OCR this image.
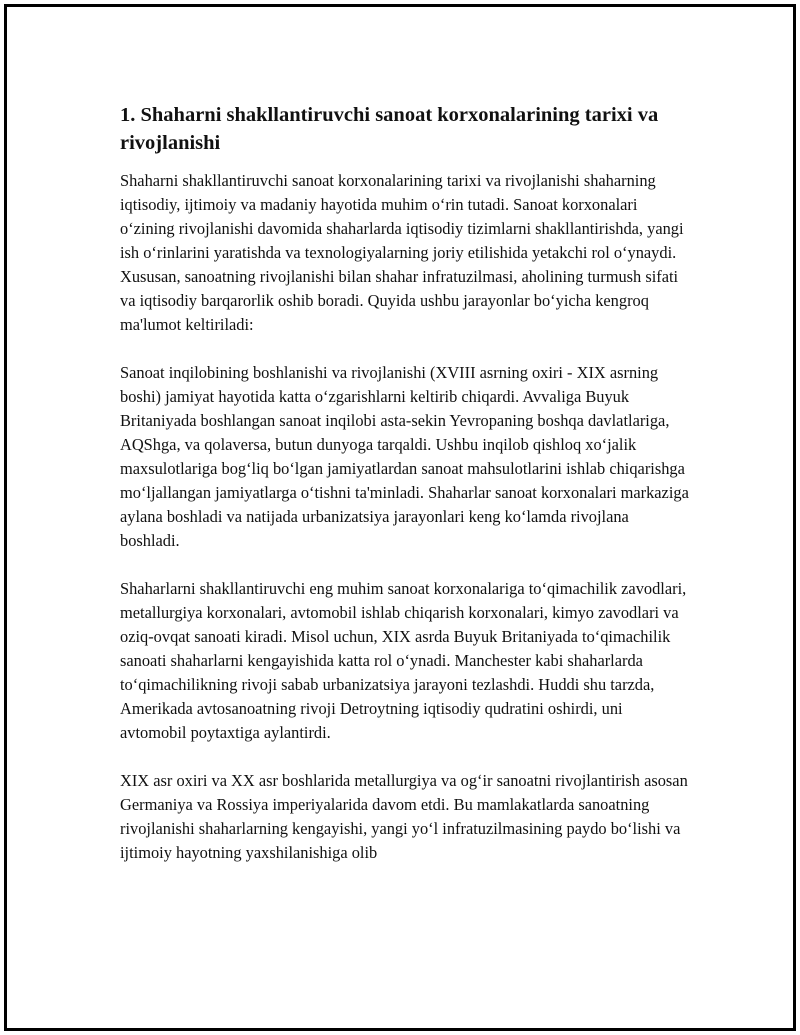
1. Shaharni shakllantiruvchi sanoat korxonalarining tarixi va rivojlanishi

Shaharni shakllantiruvchi sanoat korxonalarining tarixi va rivojlanishi shaharning iqtisodiy, ijtimoiy va madaniy hayotida muhim o‘rin tutadi. Sanoat korxonalari o‘zining rivojlanishi davomida shaharlarda iqtisodiy tizimlarni shakllantirishda, yangi ish o‘rinlarini yaratishda va texnologiyalarning joriy etilishida yetakchi rol o‘ynaydi. Xususan, sanoatning rivojlanishi bilan shahar infratuzilmasi, aholining turmush sifati va iqtisodiy barqarorlik oshib boradi. Quyida ushbu jarayonlar bo‘yicha kengroq ma'lumot keltiriladi:

Sanoat inqilobining boshlanishi va rivojlanishi (XVIII asrning oxiri - XIX asrning boshi) jamiyat hayotida katta o‘zgarishlarni keltirib chiqardi. Avvaliga Buyuk Britaniyada boshlangan sanoat inqilobi asta-sekin Yevropaning boshqa davlatlariga, AQShga, va qolaversa, butun dunyoga tarqaldi. Ushbu inqilob qishloq xo‘jalik maxsulotlariga bog‘liq bo‘lgan jamiyatlardan sanoat mahsulotlarini ishlab chiqarishga mo‘ljallangan jamiyatlarga o‘tishni ta'minladi. Shaharlar sanoat korxonalari markaziga aylana boshladi va natijada urbanizatsiya jarayonlari keng ko‘lamda rivojlana boshladi.

Shaharlarni shakllantiruvchi eng muhim sanoat korxonalariga to‘qimachilik zavodlari, metallurgiya korxonalari, avtomobil ishlab chiqarish korxonalari, kimyo zavodlari va oziq-ovqat sanoati kiradi. Misol uchun, XIX asrda Buyuk Britaniyada to‘qimachilik sanoati shaharlarni kengayishida katta rol o‘ynadi. Manchester kabi shaharlarda to‘qimachilikning rivoji sabab urbanizatsiya jarayoni tezlashdi. Huddi shu tarzda, Amerikada avtosanoatning rivoji Detroytning iqtisodiy qudratini oshirdi, uni avtomobil poytaxtiga aylantirdi.

XIX asr oxiri va XX asr boshlarida metallurgiya va og‘ir sanoatni rivojlantirish asosan Germaniya va Rossiya imperiyalarida davom etdi. Bu mamlakatlarda sanoatning rivojlanishi shaharlarning kengayishi, yangi yo‘l infratuzilmasining paydo bo‘lishi va ijtimoiy hayotning yaxshilanishiga olib
